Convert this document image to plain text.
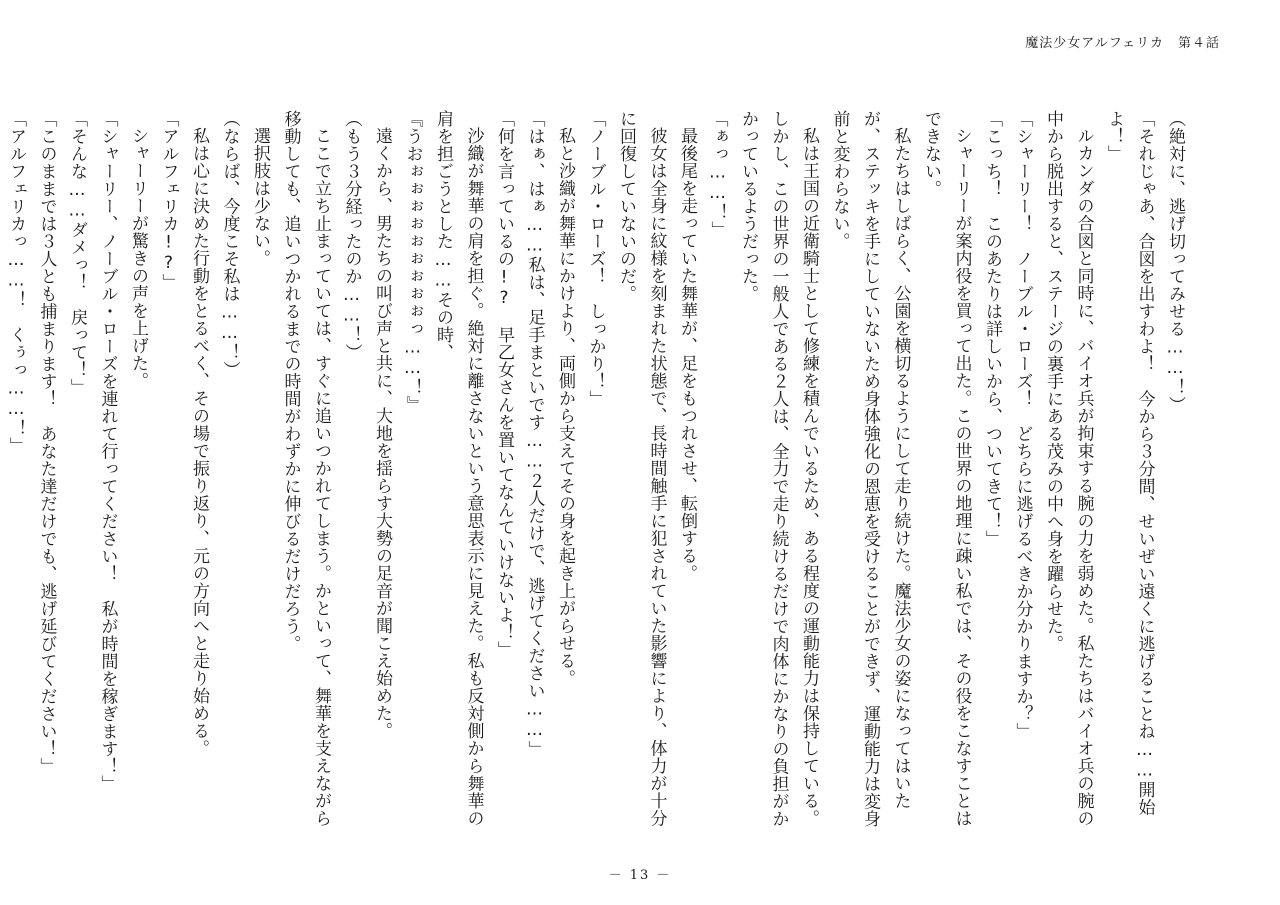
魔法少女アルフェリカ 第４話

（絶対に、逃げ切ってみせる……！）

「それじゃあ、合図を出すわよ！　今から３分間、せいぜい遠くに逃げることね……開始よ！」

ルカンダの合図と同時に、バイオ兵が拘束する腕の力を弱めた。私たちはバイオ兵の腕の中から脱出すると、ステージの裏手にある茂みの中へ身を躍らせた。

「シャーリー！　ノーブル・ローズ！　どちらに逃げるべきか分かりますか？」

「こっち！　このあたりは詳しいから、ついてきて！」

シャーリーが案内役を買って出た。この世界の地理に疎い私では、その役をこなすことはできない。

私たちはしばらく、公園を横切るようにして走り続けた。魔法少女の姿になってはいたが、ステッキを手にしていないため身体強化の恩恵を受けることができず、運動能力は変身前と変わらない。

私は王国の近衛騎士として修練を積んでいるため、ある程度の運動能力は保持している。しかし、この世界の一般人である２人は、全力で走り続けるだけで肉体にかなりの負担がかかっているようだった。

「ぁっ……！」

最後尾を走っていた舞華が、足をもつれさせ、転倒する。

彼女は全身に紋様を刻まれた状態で、長時間触手に犯されていた影響により、体力が十分に回復していないのだ。

「ノーブル・ローズ！　しっかり！」

私と沙織が舞華にかけより、両側から支えてその身を起き上がらせる。

「はぁ、はぁ……私は、足手まといです……２人だけで、逃げてください……」

「何を言っているの!?　早乙女さんを置いてなんていけないよ！」

沙織が舞華の肩を担ぐ。絶対に離さないという意思表示に見えた。私も反対側から舞華の肩を担ごうとした……その時、

『うおぉぉぉぉぉぉぉぉぉっ……！』

遠くから、男たちの叫び声と共に、大地を揺らす大勢の足音が聞こえ始めた。

（もう３分経ったのか……！）

ここで立ち止まっていては、すぐに追いつかれてしまう。かといって、舞華を支えながら移動しても、追いつかれるまでの時間がわずかに伸びるだけだろう。

選択肢は少ない。

（ならば、今度こそ私は……！）

私は心に決めた行動をとるべく、その場で振り返り、元の方向へと走り始める。

「アルフェリカ!?」

シャーリーが驚きの声を上げた。

「シャーリー、ノーブル・ローズを連れて行ってください！　私が時間を稼ぎます！」

「そんな……ダメっ！　戻って！」

「このままでは３人とも捕まります！　あなた達だけでも、逃げ延びてください！」

「アルフェリカっ……！　くぅっ……！」

－ 13 －
